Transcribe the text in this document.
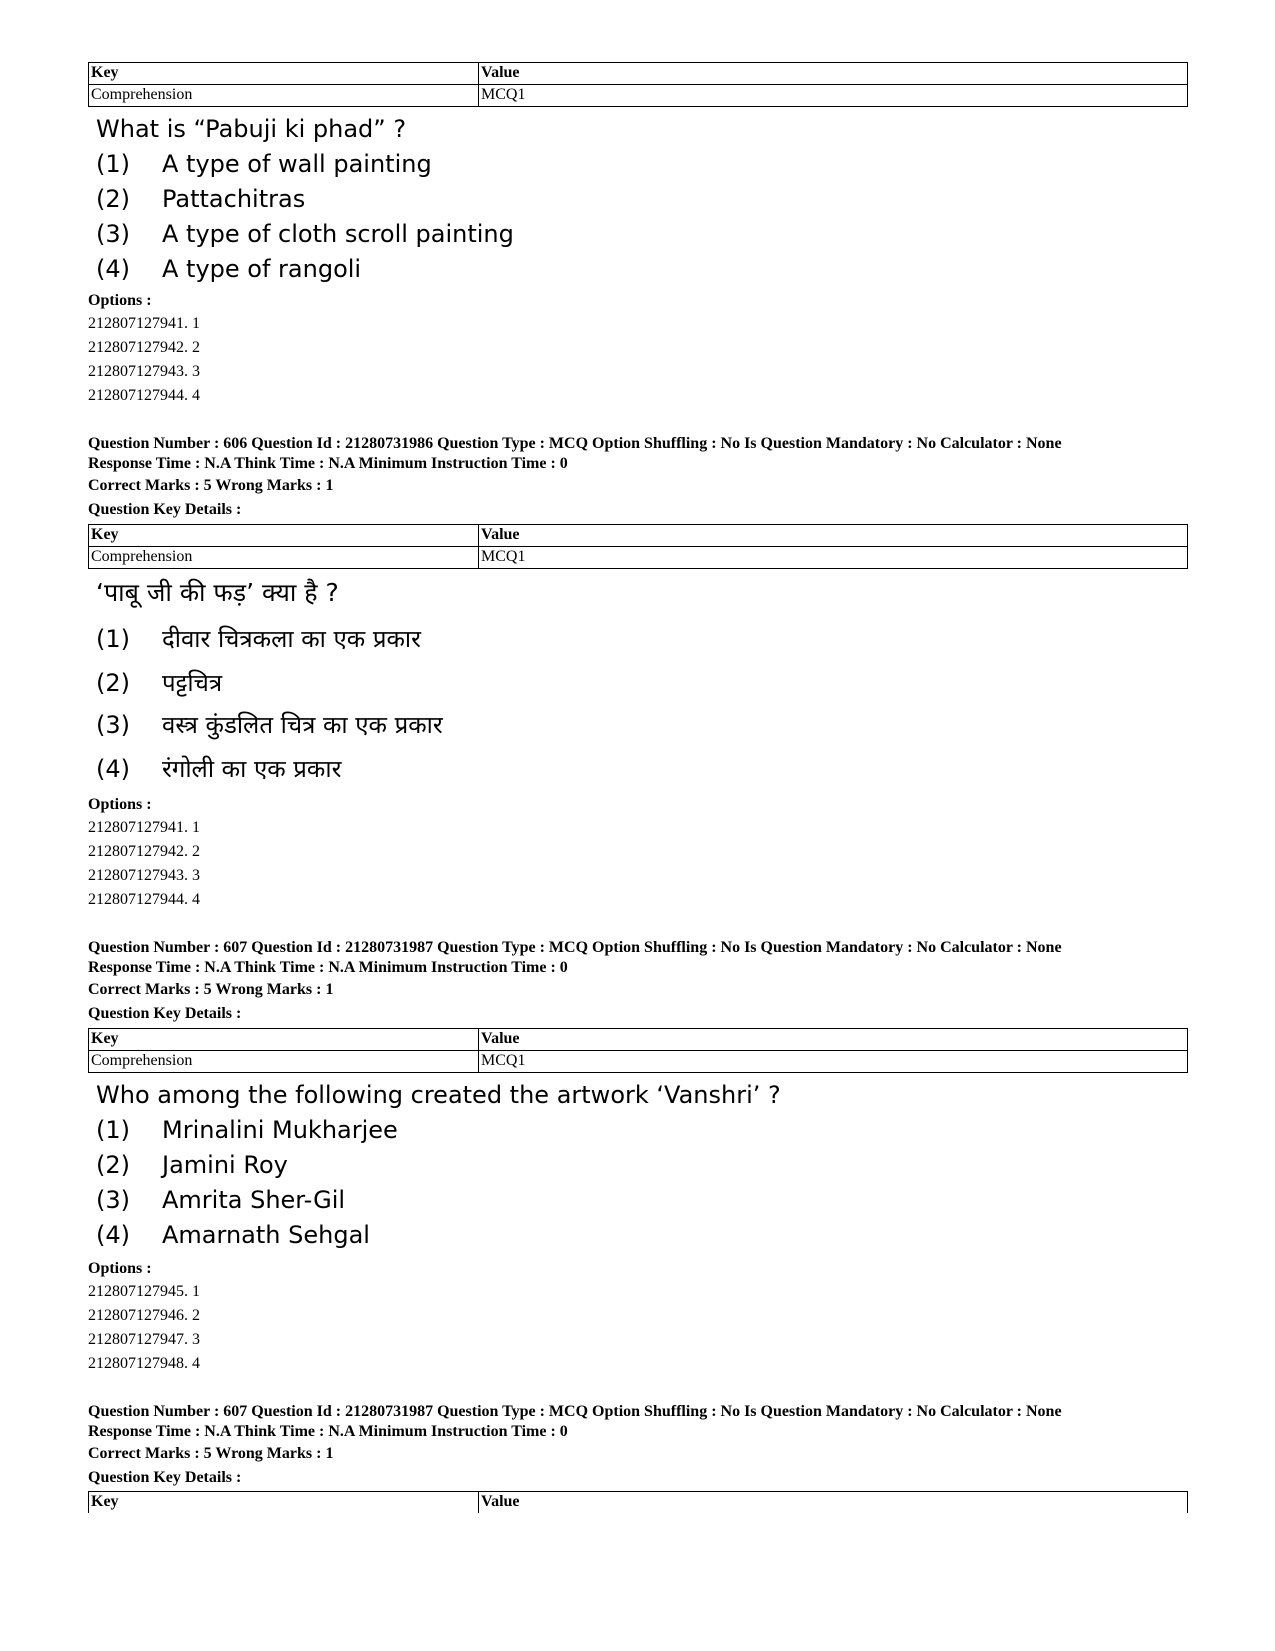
Key	Value
Comprehension	MCQ1
What is “Pabuji ki phad” ?
(1)	A type of wall painting
(2)	Pattachitras
(3)	A type of cloth scroll painting
(4)	A type of rangoli
Options :
212807127941. 1
212807127942. 2
212807127943. 3
212807127944. 4
Question Number : 606 Question Id : 21280731986 Question Type : MCQ Option Shuffling : No Is Question Mandatory : No Calculator : None
Response Time : N.A Think Time : N.A Minimum Instruction Time : 0
Correct Marks : 5 Wrong Marks : 1
Question Key Details :
Key	Value
Comprehension	MCQ1
‘पाबू जी की फड़’ क्या है ?
(1)	दीवार चित्रकला का एक प्रकार
(2)	पट्टचित्र
(3)	वस्त्र कुंडलित चित्र का एक प्रकार
(4)	रंगोली का एक प्रकार
Options :
212807127941. 1
212807127942. 2
212807127943. 3
212807127944. 4
Question Number : 607 Question Id : 21280731987 Question Type : MCQ Option Shuffling : No Is Question Mandatory : No Calculator : None
Response Time : N.A Think Time : N.A Minimum Instruction Time : 0
Correct Marks : 5 Wrong Marks : 1
Question Key Details :
Key	Value
Comprehension	MCQ1
Who among the following created the artwork ‘Vanshri’ ?
(1)	Mrinalini Mukharjee
(2)	Jamini Roy
(3)	Amrita Sher-Gil
(4)	Amarnath Sehgal
Options :
212807127945. 1
212807127946. 2
212807127947. 3
212807127948. 4
Question Number : 607 Question Id : 21280731987 Question Type : MCQ Option Shuffling : No Is Question Mandatory : No Calculator : None
Response Time : N.A Think Time : N.A Minimum Instruction Time : 0
Correct Marks : 5 Wrong Marks : 1
Question Key Details :
Key	Value
